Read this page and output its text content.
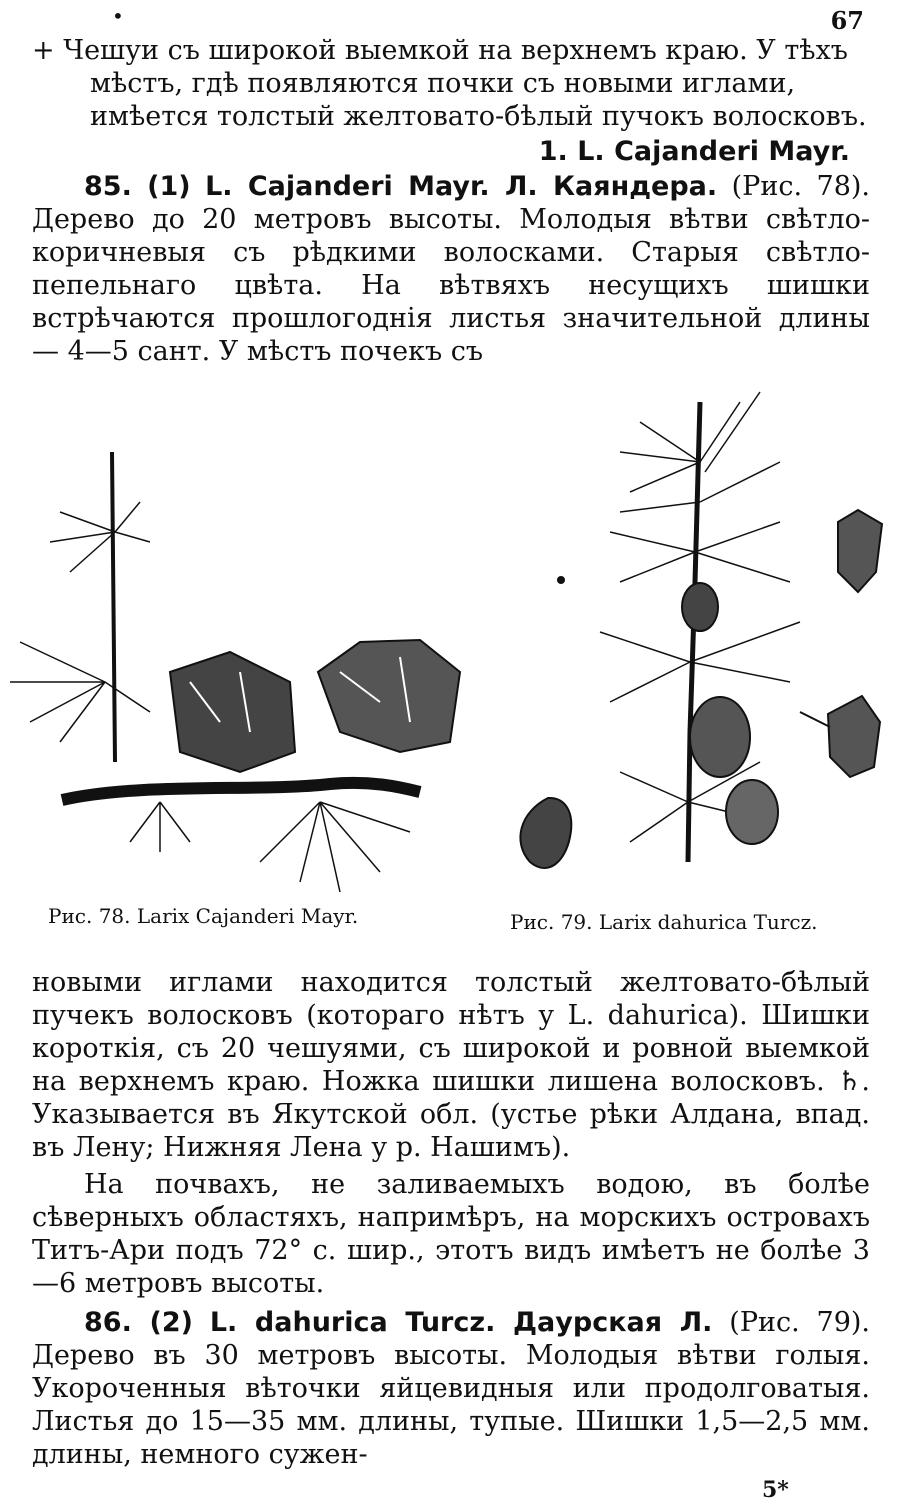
•	67

+ Чешуи съ широкой выемкой на верхнемъ краю. У тѣхъ

мѣстъ, гдѣ появляются почки съ новыми иглами,

имѣется толстый желтовато-бѣлый пучокъ волосковъ.

1. L. Cajanderi Mayr.

85. (1) L. Cajanderi Mayr. Л. Каяндера. (Рис. 78). Дерево до 20 метровъ высоты. Молодыя вѣтви свѣтло-коричневыя съ рѣдкими волосками. Старыя свѣтло-пепельнаго цвѣта. На вѣтвяхъ несущихъ шишки встрѣчаются прошлогоднія листья значительной длины — 4—5 сант. У мѣстъ почекъ съ

Рис. 78. Larix Cajanderi Mayr.	Рис. 79. Larix dahurica Turcz.

новыми иглами находится толстый желтовато-бѣлый пучекъ волосковъ (котораго нѣтъ у L. dahurica). Шишки короткія, съ 20 чешуями, съ широкой и ровной выемкой на верхнемъ краю. Ножка шишки лишена волосковъ. ♄. Указывается въ Якутской обл. (устье рѣки Алдана, впад. въ Лену; Нижняя Лена у р. Нашимъ).

На почвахъ, не заливаемыхъ водою, въ болѣе сѣверныхъ областяхъ, напримѣръ, на морскихъ островахъ Титъ-Ари подъ 72° с. шир., этотъ видъ имѣетъ не болѣе 3—6 метровъ высоты.

86. (2) L. dahurica Turcz. Даурская Л. (Рис. 79). Дерево въ 30 метровъ высоты. Молодыя вѣтви голыя. Укороченныя вѣточки яйцевидныя или продолговатыя. Листья до 15—35 мм. длины, тупые. Шишки 1,5—2,5 мм. длины, немного сужен-

5*
